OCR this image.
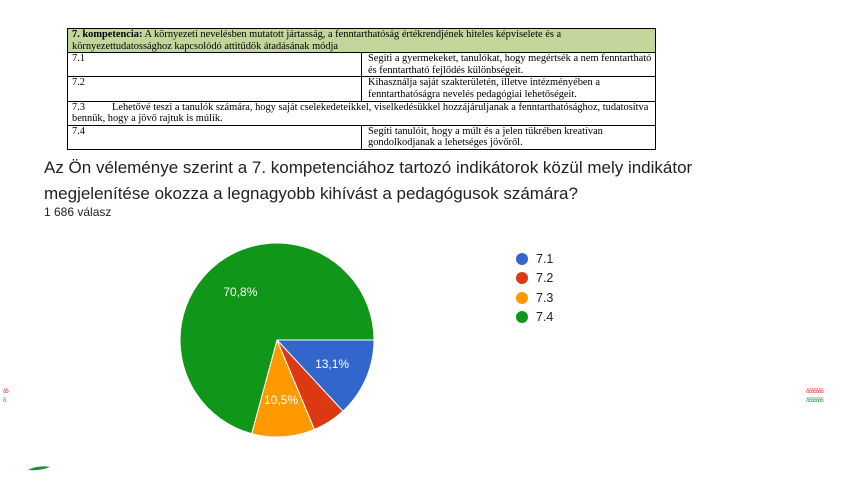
7. kompetencia: A környezeti nevelésben mutatott jártasság, a fenntarthatóság értékrendjének hiteles képviselete és a környezettudatossághoz kapcsolódó attitűdök átadásának módja	
7.1	Segíti a gyermekeket, tanulókat, hogy megértsék a nem fenntartható és fenntartható fejlődés különbségeit.
7.2	Kihasználja saját szakterületén, illetve intézményében a fenntarthatóságra nevelés pedagógiai lehetőségeit.
7.3 Lehetővé teszi a tanulók számára, hogy saját cselekedeteikkel, viselkedésükkel hozzájáruljanak a fenntarthatósághoz, tudatosítva bennük, hogy a jövő rajtuk is múlik.	
7.4	Segíti tanulóit, hogy a múlt és a jelen tükrében kreatívan gondolkodjanak a lehetséges jövőről.
Az Ön véleménye szerint a 7. kompetenciához tartozó indikátorok közül mely indikátor megjelenítése okozza a legnagyobb kihívást a pedagógusok számára?
1 686 válasz
13,1%
10,5%
70,8%
7.1
7.2
7.3
7.4
ᵟᵟ
ᵟ
ᵟᵟᵟᵟᵟᵟᵟ
ᵟᵟᵟᵟᵟᵟᵟ
